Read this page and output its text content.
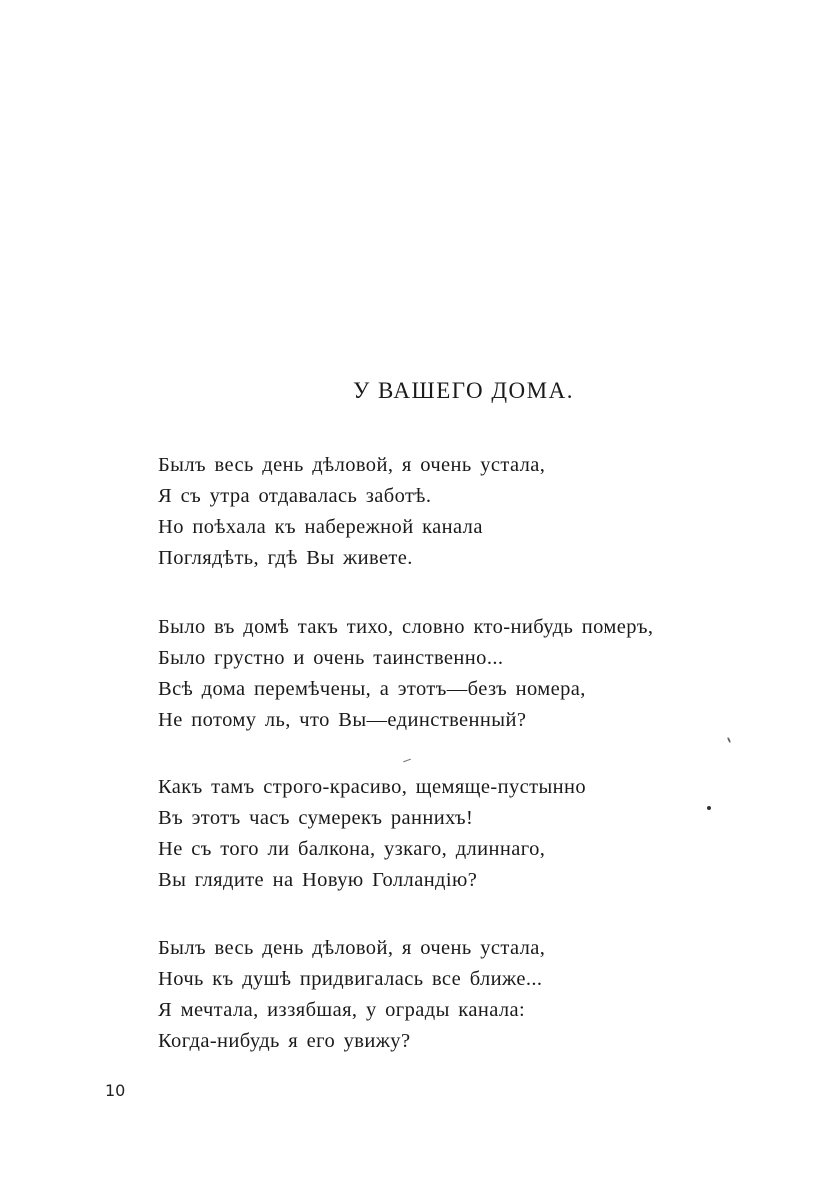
У ВАШЕГО ДОМА.
Былъ весь день дѣловой, я очень устала,
Я съ утра отдавалась заботѣ.
Но поѣхала къ набережной канала
Поглядѣть, гдѣ Вы живете.
Было въ домѣ такъ тихо, словно кто-нибудь померъ,
Было грустно и очень таинственно...
Всѣ дома перемѣчены, а этотъ—безъ номера,
Не потому ль, что Вы—единственный?
Какъ тамъ строго-красиво, щемяще-пустынно
Въ этотъ часъ сумерекъ раннихъ!
Не съ того ли балкона, узкаго, длиннаго,
Вы глядите на Новую Голландію?
Былъ весь день дѣловой, я очень устала,
Ночь къ душѣ придвигалась все ближе...
Я мечтала, иззябшая, у ограды канала:
Когда-нибудь я его увижу?
10
